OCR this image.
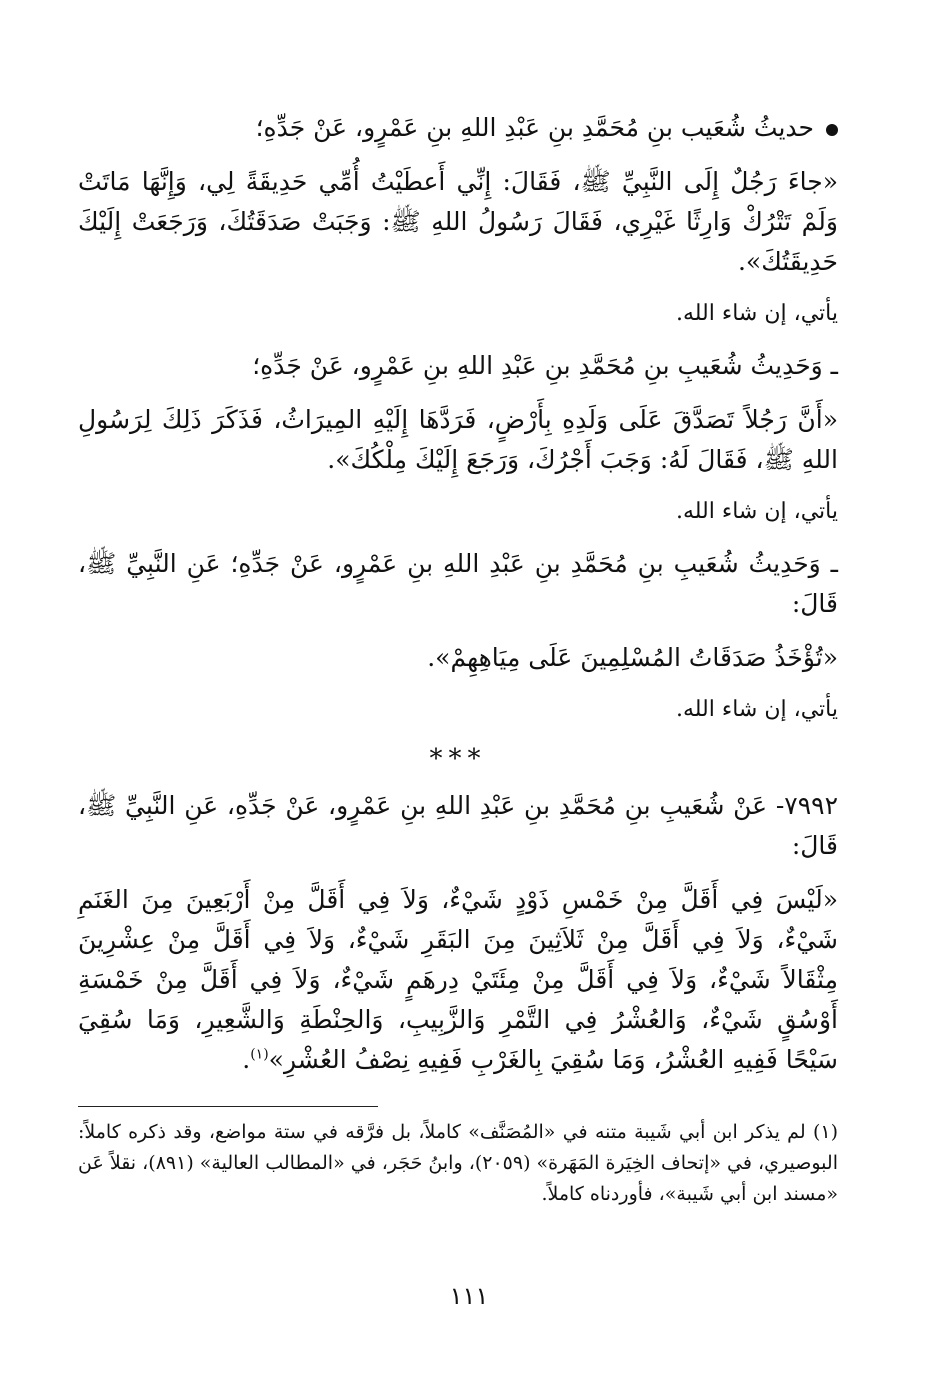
حديثُ شُعَيب بنِ مُحَمَّدِ بنِ عَبْدِ اللهِ بنِ عَمْرٍو، عَنْ جَدِّهِ؛

«جاءَ رَجُلٌ إِلَى النَّبِيِّ ﷺ، فَقَالَ: إِنِّي أَعطَيْتُ أُمِّي حَدِيقَةً لِي، وَإِنَّهَا مَاتَتْ وَلَمْ تَتْرُكْ وَارِثًا غَيْرِي، فَقَالَ رَسُولُ اللهِ ﷺ: وَجَبَتْ صَدَقَتُكَ، وَرَجَعَتْ إِلَيْكَ حَدِيقَتُكَ».

يأتي، إن شاء الله.

ـ وَحَدِيثُ شُعَيبِ بنِ مُحَمَّدِ بنِ عَبْدِ اللهِ بنِ عَمْرٍو، عَنْ جَدِّهِ؛

«أَنَّ رَجُلاً تَصَدَّقَ عَلَى وَلَدِهِ بِأَرْضٍ، فَرَدَّهَا إِلَيْهِ المِيرَاثُ، فَذَكَرَ ذَلِكَ لِرَسُولِ اللهِ ﷺ، فَقَالَ لَهُ: وَجَبَ أَجْرُكَ، وَرَجَعَ إِلَيْكَ مِلْكُكَ».

يأتي، إن شاء الله.

ـ وَحَدِيثُ شُعَيبِ بنِ مُحَمَّدِ بنِ عَبْدِ اللهِ بنِ عَمْرٍو، عَنْ جَدِّهِ؛ عَنِ النَّبِيِّ ﷺ، قَالَ:

«تُؤْخَذُ صَدَقَاتُ المُسْلِمِينَ عَلَى مِيَاهِهِمْ».

يأتي، إن شاء الله.

***

٧٩٩٢- عَنْ شُعَيبِ بنِ مُحَمَّدِ بنِ عَبْدِ اللهِ بنِ عَمْرٍو، عَنْ جَدِّهِ، عَنِ النَّبِيِّ ﷺ، قَالَ:

«لَيْسَ فِي أَقَلَّ مِنْ خَمْسِ ذَوْدٍ شَيْءٌ، وَلاَ فِي أَقَلَّ مِنْ أَرْبَعِينَ مِنَ الغَنَمِ شَيْءٌ، وَلاَ فِي أَقَلَّ مِنْ ثَلاَثِينَ مِنَ البَقَرِ شَيْءٌ، وَلاَ فِي أَقَلَّ مِنْ عِشْرِينَ مِثْقَالاً شَيْءٌ، وَلاَ فِي أَقَلَّ مِنْ مِئَتَيْ دِرهَمٍ شَيْءٌ، وَلاَ فِي أَقَلَّ مِنْ خَمْسَةِ أَوْسُقٍ شَيْءٌ، وَالعُشْرُ فِي التَّمْرِ وَالزَّبِيبِ، وَالحِنْطَةِ وَالشَّعِيرِ، وَمَا سُقِيَ سَيْحًا فَفِيهِ العُشْرُ، وَمَا سُقِيَ بِالغَرْبِ فَفِيهِ نِصْفُ العُشْرِ»$^{(١)}$.

(١) لم يذكر ابن أبي شَيبة متنه في «المُصَنَّف» كاملاً، بل فرَّقه في ستة مواضع، وقد ذكره كاملاً: البوصيري، في «إتحاف الخِيَرة المَهَرة» (٢٠٥٩)، وابنُ حَجَر، في «المطالب العالية» (٨٩١)، نقلاً عَن «مسند ابن أبي شَيبة»، فأوردناه كاملاً.

١١١
